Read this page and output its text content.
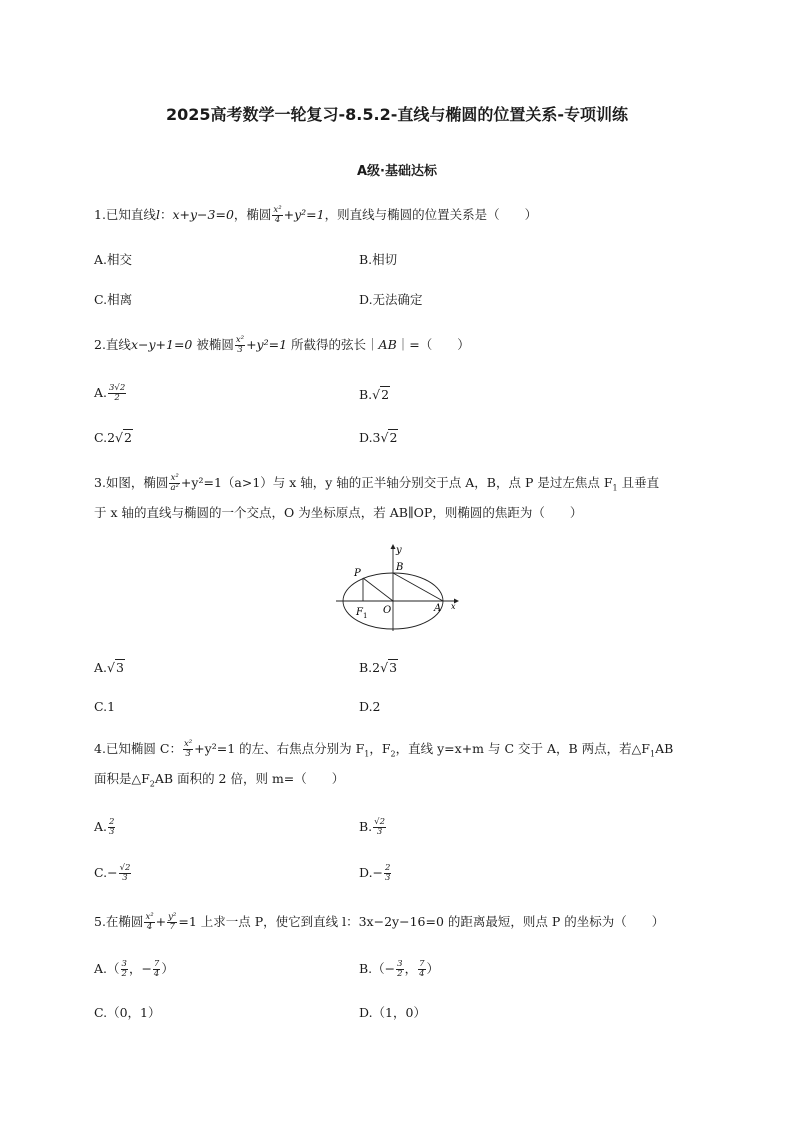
2025高考数学一轮复习-8.5.2-直线与椭圆的位置关系-专项训练
A级·基础达标
1.已知直线l：x+y−3=0，椭圆 $\frac{\text{x²}}{4} +y^2=1$，则直线与椭圆的位置关系是（　　）
A.相交	B.相切
C.相离	D.无法确定
2.直线x−y+1=0 被椭圆 $\frac{\text{x²}}{3} +y^2=1$ 所截得的弦长｜AB｜=（　　）
A. $\frac{3√2}{2}$	B.√2
C.2√2	D.3√2
3.如图，椭圆 $\frac{\text{x²}}{\text{a²}} +y^2=1(a>1)$与 x 轴，y 轴的正半轴分别交于点 A，B，点 P 是过左焦点 $F_1$ 且垂直
于 x 轴的直线与椭圆的一个交点，O 为坐标原点，若 AB∥OP，则椭圆的焦距为（　　）
y
P
B
F 1 O	A x
A.√3	B.2√3
C.1	D.2
4.已知椭圆 C： $\frac{\text{x²}}{3} +y^2=1$ 的左、右焦点分别为 $F_1$，$F_2$，直线 y=x+m 与 C 交于 A，B 两点，若$\triangle F_1AB$
面积是$\triangle F_2AB$ 面积的 2 倍，则 m=（　　）
A. $\frac{2}{3}$	B. $\frac{√2}{3}$
$C.- \frac{√2}{3}$	$D.- \frac{2}{3}$
5.在椭圆 $\frac{\text{x²}}{4} + \frac{\text{y²}}{7} =1$ 上求一点 P，使它到直线 l：3x−2y−16=0 的距离最短，则点 P 的坐标为（　　）
$A.( \frac{3}{2}$ ，− $\frac{7}{4}$ ）	$B.(- \frac{3}{2}$ ， $\frac{7}{4}$ ）
C.（0，1）	D.（1，0）
